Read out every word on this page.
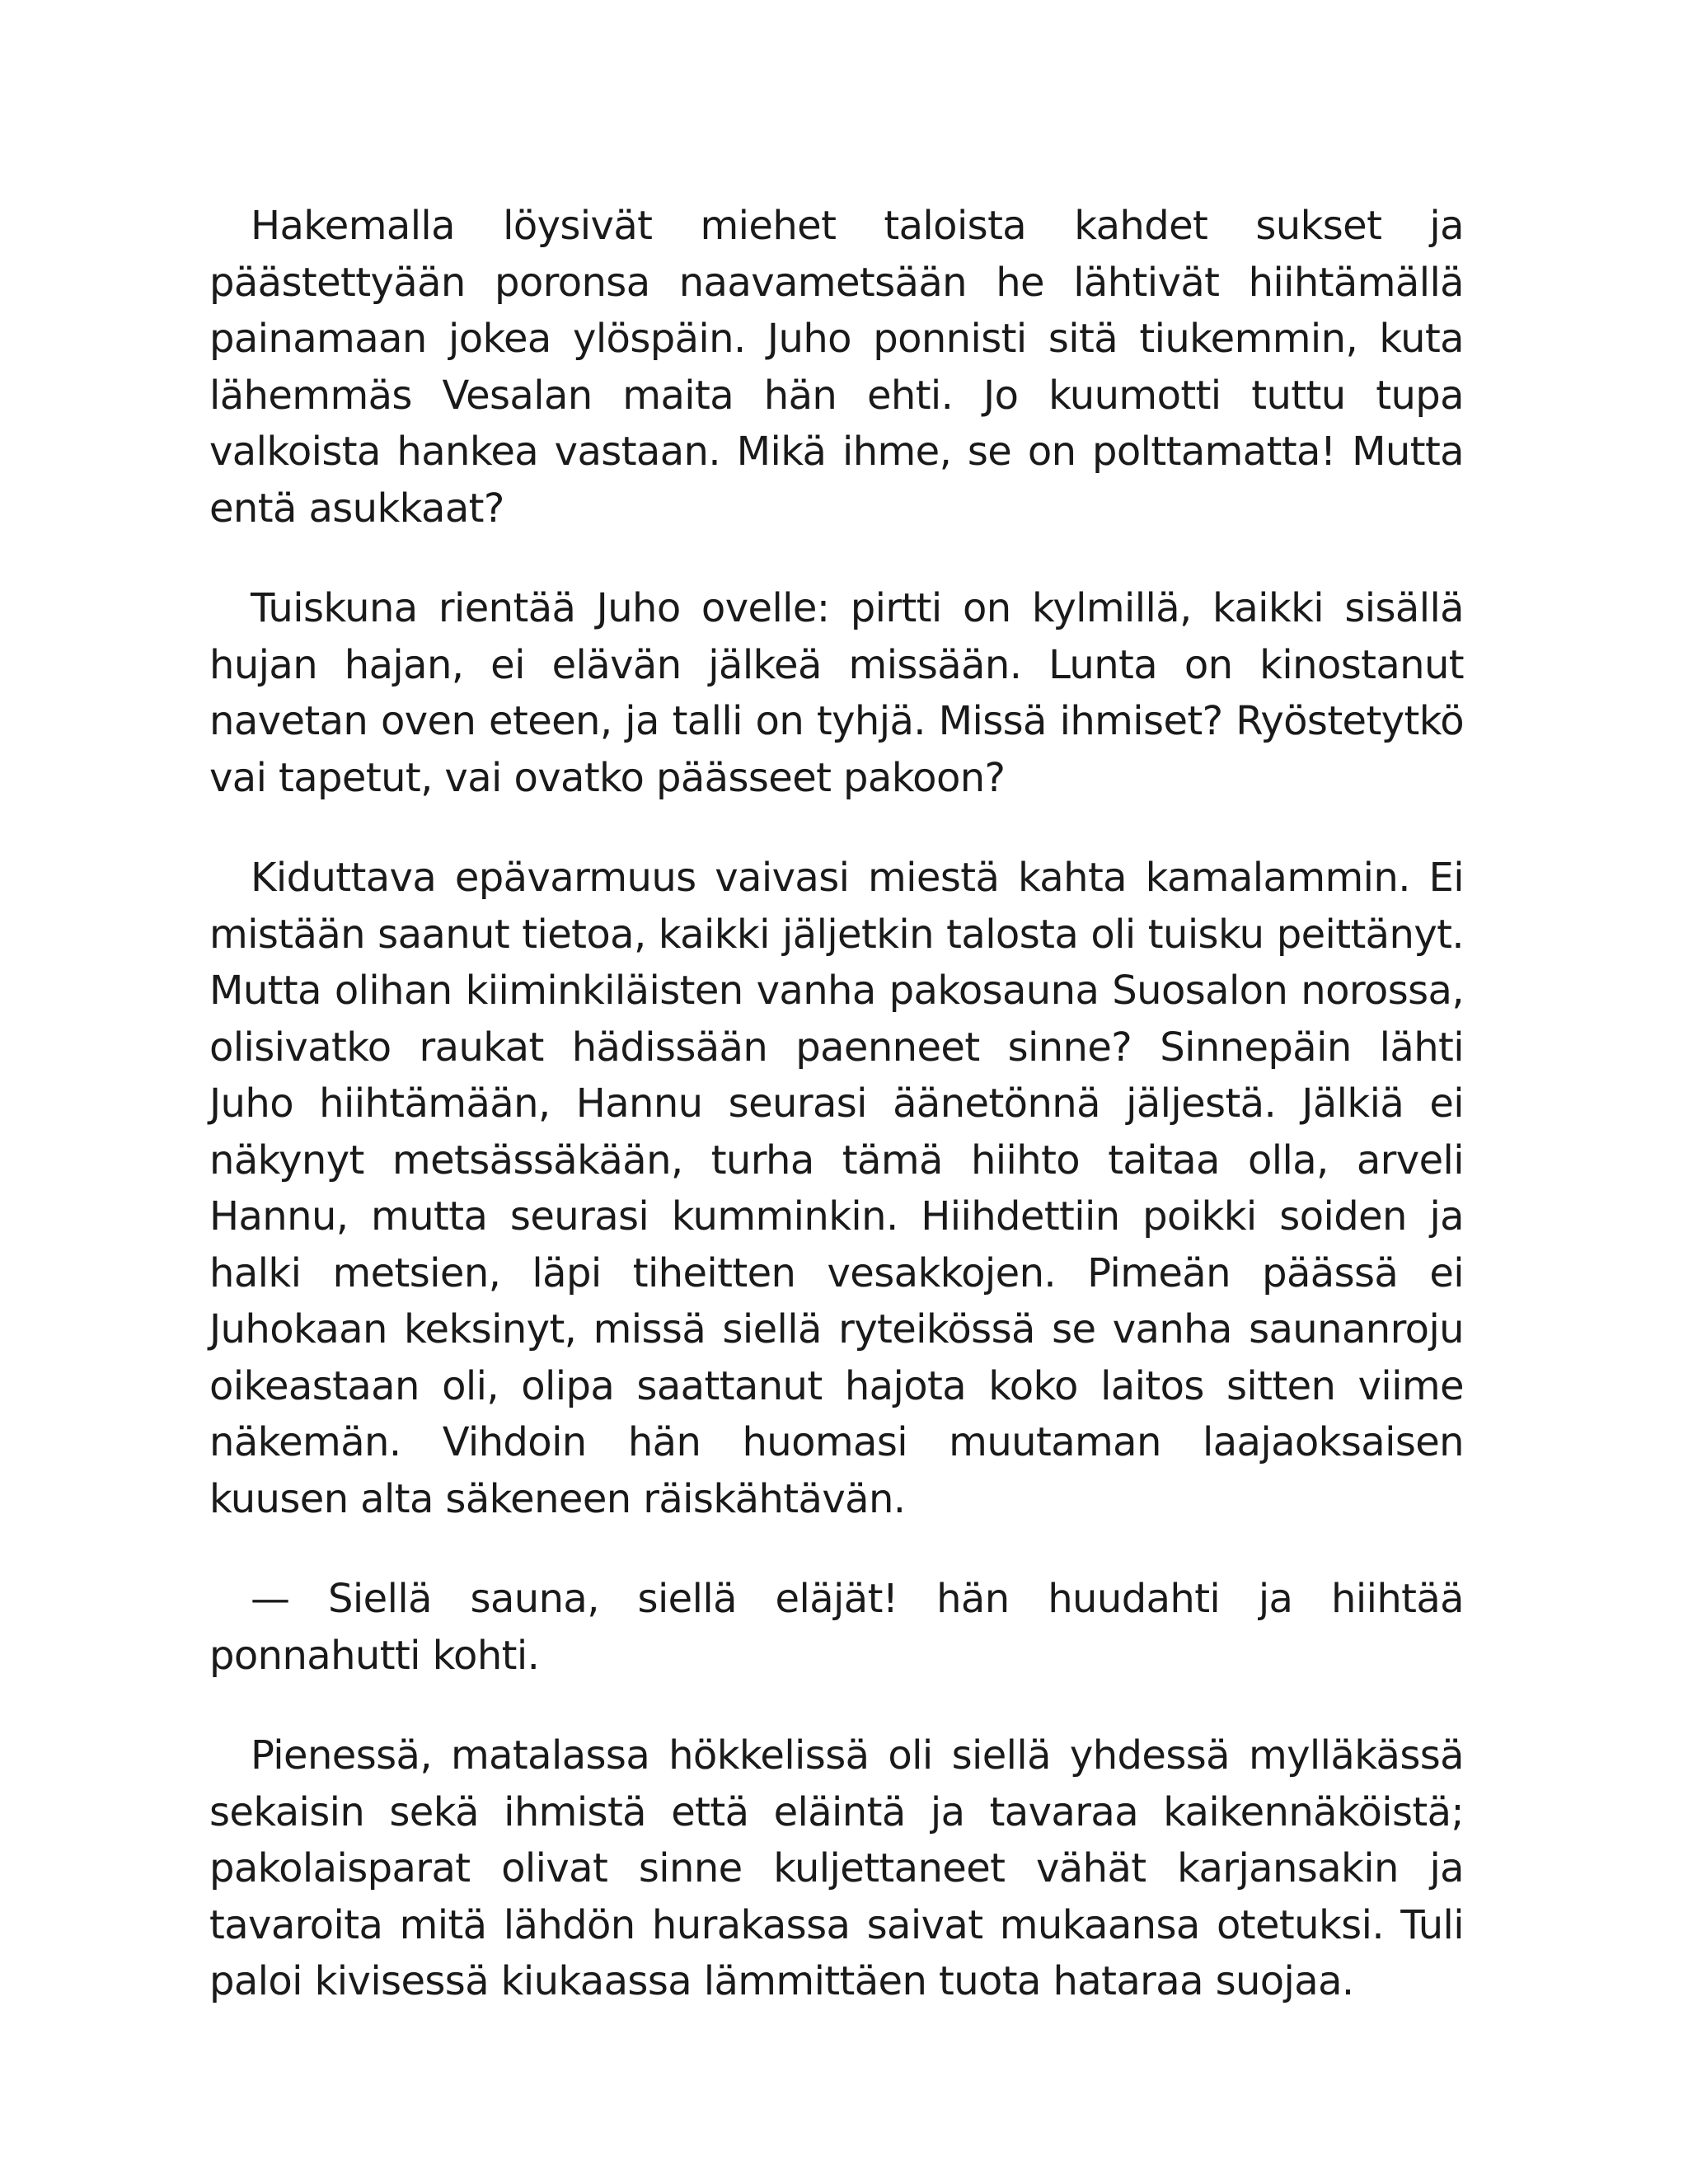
Hakemalla löysivät miehet taloista kahdet sukset ja päästettyään poronsa naavametsään he lähtivät hiihtämällä painamaan jokea ylöspäin. Juho ponnisti sitä tiukemmin, kuta lähemmäs Vesalan maita hän ehti. Jo kuumotti tuttu tupa valkoista hankea vastaan. Mikä ihme, se on polttamatta! Mutta entä asukkaat?

Tuiskuna rientää Juho ovelle: pirtti on kylmillä, kaikki sisällä hujan hajan, ei elävän jälkeä missään. Lunta on kinostanut navetan oven eteen, ja talli on tyhjä. Missä ihmiset? Ryöstetytkö vai tapetut, vai ovatko päässeet pakoon?

Kiduttava epävarmuus vaivasi miestä kahta kamalammin. Ei mistään saanut tietoa, kaikki jäljetkin talosta oli tuisku peittänyt. Mutta olihan kiiminkiläisten vanha pakosauna Suosalon norossa, olisivatko raukat hädissään paenneet sinne? Sinnepäin lähti Juho hiihtämään, Hannu seurasi äänetönnä jäljestä. Jälkiä ei näkynyt metsässäkään, turha tämä hiihto taitaa olla, arveli Hannu, mutta seurasi kumminkin. Hiihdettiin poikki soiden ja halki metsien, läpi tiheitten vesakkojen. Pimeän päässä ei Juhokaan keksinyt, missä siellä ryteikössä se vanha saunanroju oikeastaan oli, olipa saattanut hajota koko laitos sitten viime näkemän. Vihdoin hän huomasi muutaman laajaoksaisen kuusen alta säkeneen räiskähtävän.

— Siellä sauna, siellä eläjät! hän huudahti ja hiihtää ponnahutti kohti.

Pienessä, matalassa hökkelissä oli siellä yhdessä mylläkässä sekaisin sekä ihmistä että eläintä ja tavaraa kaikennäköistä; pakolaisparat olivat sinne kuljettaneet vähät karjansakin ja tavaroita mitä lähdön hurakassa saivat mukaansa otetuksi. Tuli paloi kivisessä kiukaassa lämmittäen tuota hataraa suojaa.
